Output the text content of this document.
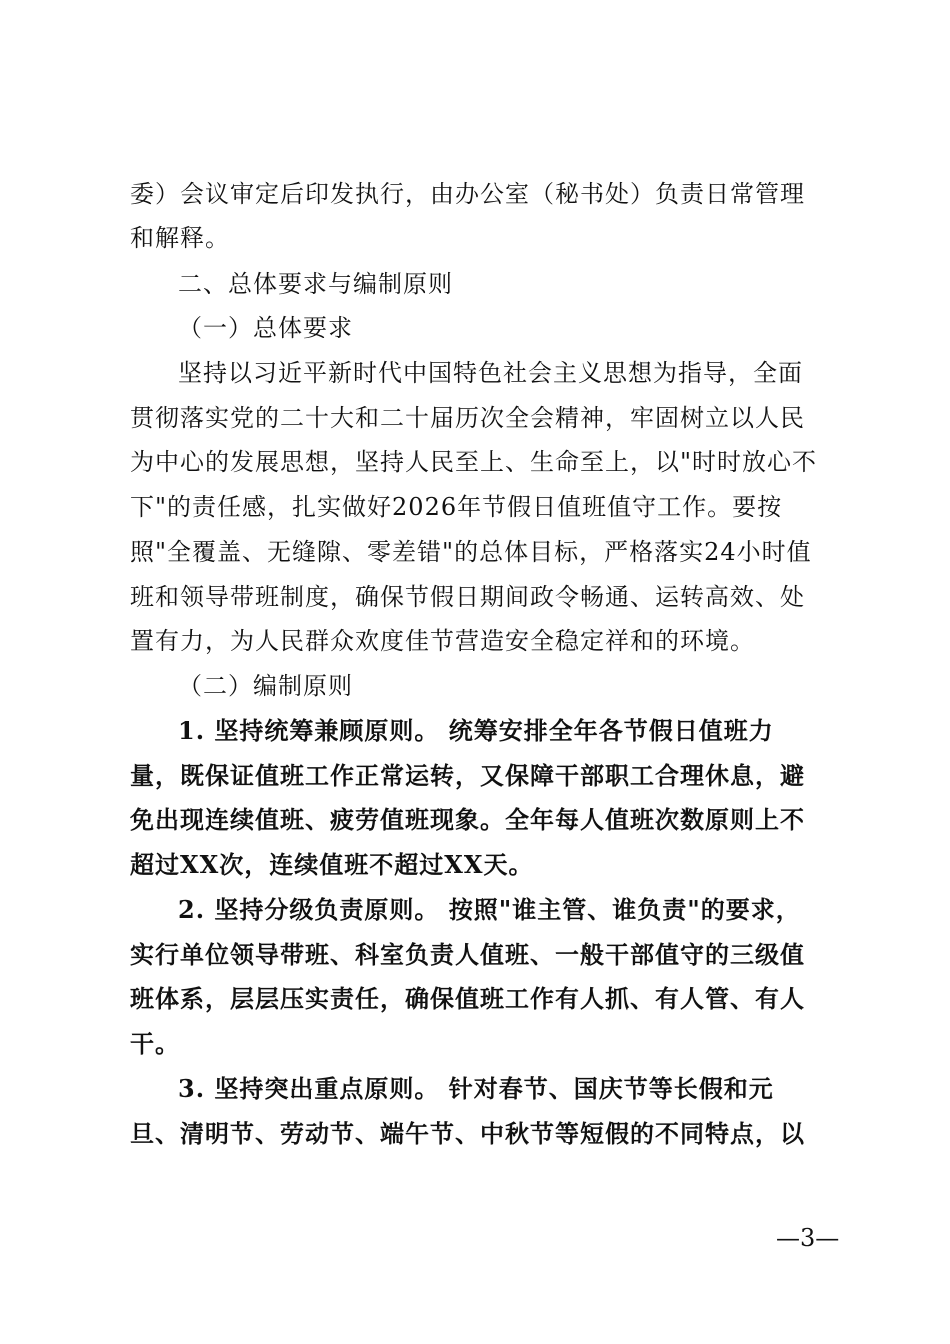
委）会议审定后印发执行，由办公室（秘书处）负责日常管理
和解释。
二、总体要求与编制原则
（一）总体要求
坚持以习近平新时代中国特色社会主义思想为指导，全面
贯彻落实党的二十大和二十届历次全会精神，牢固树立以人民
为中心的发展思想，坚持人民至上、生命至上，以"时时放心不
下"的责任感，扎实做好2026年节假日值班值守工作。要按
照"全覆盖、无缝隙、零差错"的总体目标，严格落实24小时值
班和领导带班制度，确保节假日期间政令畅通、运转高效、处
置有力，为人民群众欢度佳节营造安全稳定祥和的环境。
（二）编制原则
1. 坚持统筹兼顾原则。 统筹安排全年各节假日值班力
量，既保证值班工作正常运转，又保障干部职工合理休息，避
免出现连续值班、疲劳值班现象。全年每人值班次数原则上不
超过XX次，连续值班不超过XX天。
2. 坚持分级负责原则。 按照"谁主管、谁负责"的要求，
实行单位领导带班、科室负责人值班、一般干部值守的三级值
班体系，层层压实责任，确保值班工作有人抓、有人管、有人
干。
3. 坚持突出重点原则。 针对春节、国庆节等长假和元
旦、清明节、劳动节、端午节、中秋节等短假的不同特点，以
—3—
